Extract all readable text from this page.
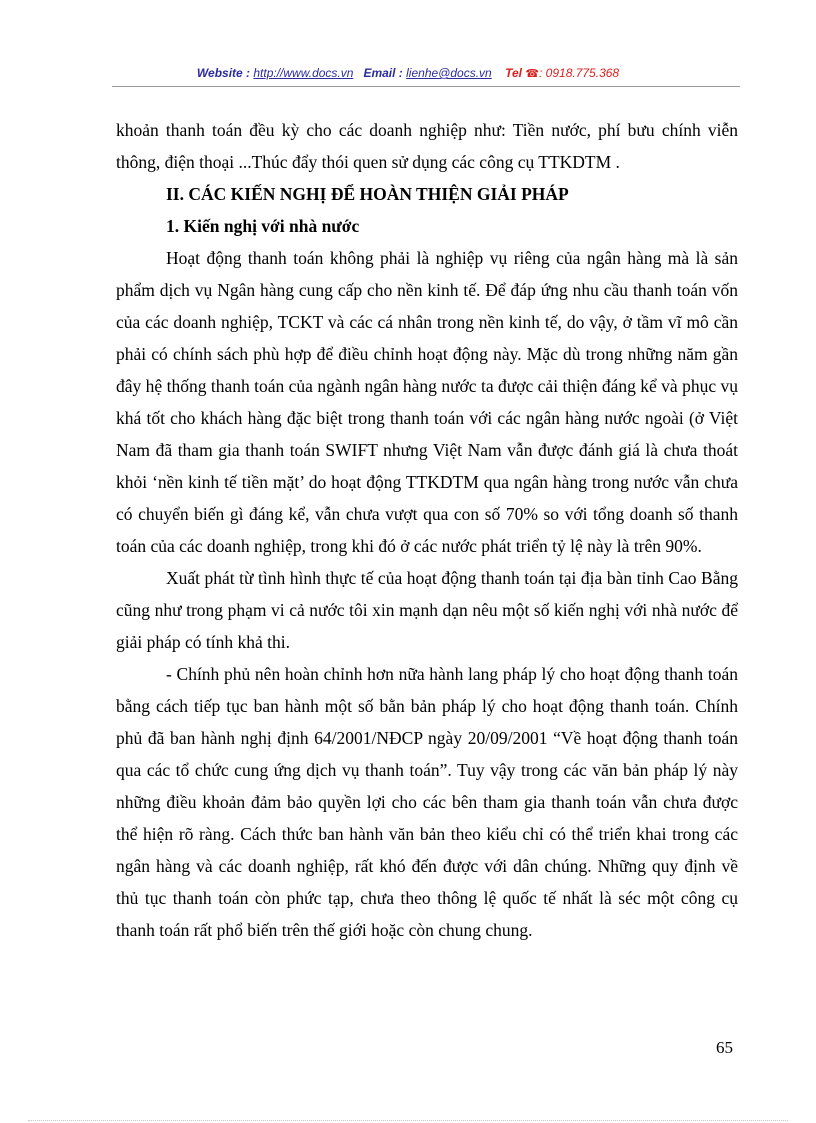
Website : http://www.docs.vn Email : lienhe@docs.vn Tel ☎: 0918.775.368

khoản thanh toán đều kỳ cho các doanh nghiệp như: Tiền nước, phí bưu chính viễn thông, điện thoại ...Thúc đẩy thói quen sử dụng các công cụ TTKDTM .

II. CÁC KIẾN NGHỊ ĐỂ HOÀN THIỆN GIẢI PHÁP
1. Kiến nghị với nhà nước

Hoạt động thanh toán không phải là nghiệp vụ riêng của ngân hàng mà là sản phẩm dịch vụ Ngân hàng cung cấp cho nền kinh tế. Để đáp ứng nhu cầu thanh toán vốn của các doanh nghiệp, TCKT và các cá nhân trong nền kinh tế, do vậy, ở tầm vĩ mô cần phải có chính sách phù hợp để điều chỉnh hoạt động này. Mặc dù trong những năm gần đây hệ thống thanh toán của ngành ngân hàng nước ta được cải thiện đáng kể và phục vụ khá tốt cho khách hàng đặc biệt trong thanh toán với các ngân hàng nước ngoài (ở Việt Nam đã tham gia thanh toán SWIFT nhưng Việt Nam vẫn được đánh giá là chưa thoát khỏi ‘nền kinh tế tiền mặt’ do hoạt động TTKDTM qua ngân hàng trong nước vẫn chưa có chuyển biến gì đáng kể, vẫn chưa vượt qua con số 70% so với tổng doanh số thanh toán của các doanh nghiệp, trong khi đó ở các nước phát triển tỷ lệ này là trên 90%.

Xuất phát từ tình hình thực tế của hoạt động thanh toán tại địa bàn tỉnh Cao Bằng cũng như trong phạm vi cả nước tôi xin mạnh dạn nêu một số kiến nghị với nhà nước để giải pháp có tính khả thi.

- Chính phủ nên hoàn chỉnh hơn nữa hành lang pháp lý cho hoạt động thanh toán bằng cách tiếp tục ban hành một số bằn bản pháp lý cho hoạt động thanh toán. Chính phủ đã ban hành nghị định 64/2001/NĐCP ngày 20/09/2001 “Về hoạt động thanh toán qua các tổ chức cung ứng dịch vụ thanh toán”. Tuy vậy trong các văn bản pháp lý này những điều khoản đảm bảo quyền lợi cho các bên tham gia thanh toán vẫn chưa được thể hiện rõ ràng. Cách thức ban hành văn bản theo kiểu chỉ có thể triển khai trong các ngân hàng và các doanh nghiệp, rất khó đến được với dân chúng. Những quy định về thủ tục thanh toán còn phức tạp, chưa theo thông lệ quốc tế nhất là séc một công cụ thanh toán rất phổ biến trên thế giới hoặc còn chung chung.

65
